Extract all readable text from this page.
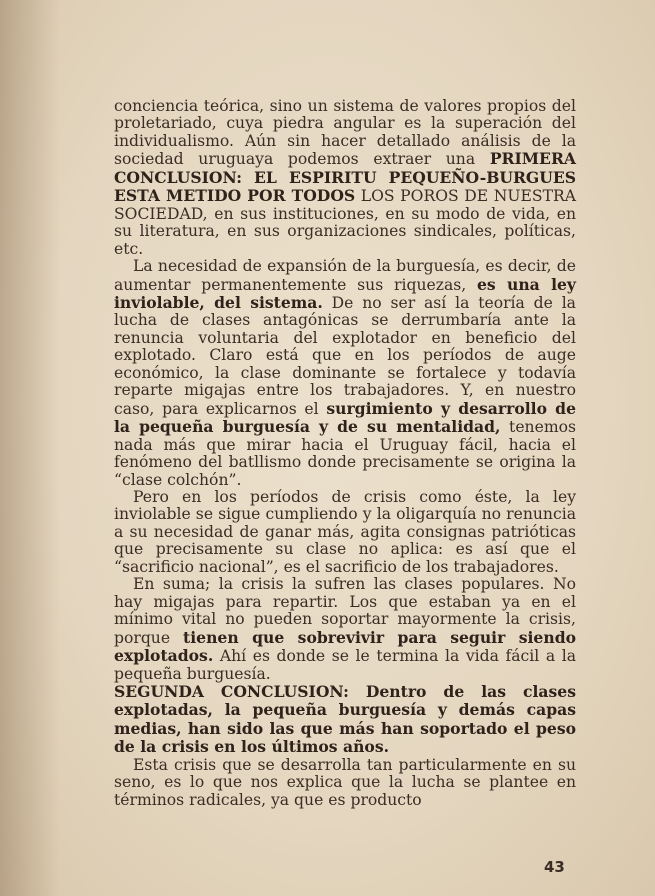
conciencia teórica, sino un sistema de valores propios del proletariado, cuya piedra angular es la superación del individualismo. Aún sin hacer detallado análisis de la sociedad uruguaya podemos extraer una PRIMERA CONCLUSION: EL ESPIRITU PEQUEÑO-BURGUES ESTA METIDO POR TODOS LOS POROS DE NUESTRA SOCIEDAD, en sus instituciones, en su modo de vida, en su literatura, en sus organizaciones sindicales, políticas, etc.

La necesidad de expansión de la burguesía, es decir, de aumentar permanentemente sus riquezas, es una ley inviolable, del sistema. De no ser así la teoría de la lucha de clases antagónicas se derrumbaría ante la renuncia voluntaria del explotador en beneficio del explotado. Claro está que en los períodos de auge económico, la clase dominante se fortalece y todavía reparte migajas entre los trabajadores. Y, en nuestro caso, para explicarnos el surgimiento y desarrollo de la pequeña burguesía y de su mentalidad, tenemos nada más que mirar hacia el Uruguay fácil, hacia el fenómeno del batllismo donde precisamente se origina la “clase colchón”.

Pero en los períodos de crisis como éste, la ley inviolable se sigue cumpliendo y la oligarquía no renuncia a su necesidad de ganar más, agita consignas patrióticas que precisamente su clase no aplica: es así que el “sacrificio nacional”, es el sacrificio de los trabajadores.

En suma; la crisis la sufren las clases populares. No hay migajas para repartir. Los que estaban ya en el mínimo vital no pueden soportar mayormente la crisis, porque tienen que sobrevivir para seguir siendo explotados. Ahí es donde se le termina la vida fácil a la pequeña burguesía.

SEGUNDA CONCLUSION: Dentro de las clases explotadas, la pequeña burguesía y demás capas medias, han sido las que más han soportado el peso de la crisis en los últimos años.

Esta crisis que se desarrolla tan particularmente en su seno, es lo que nos explica que la lucha se plantee en términos radicales, ya que es producto

43
